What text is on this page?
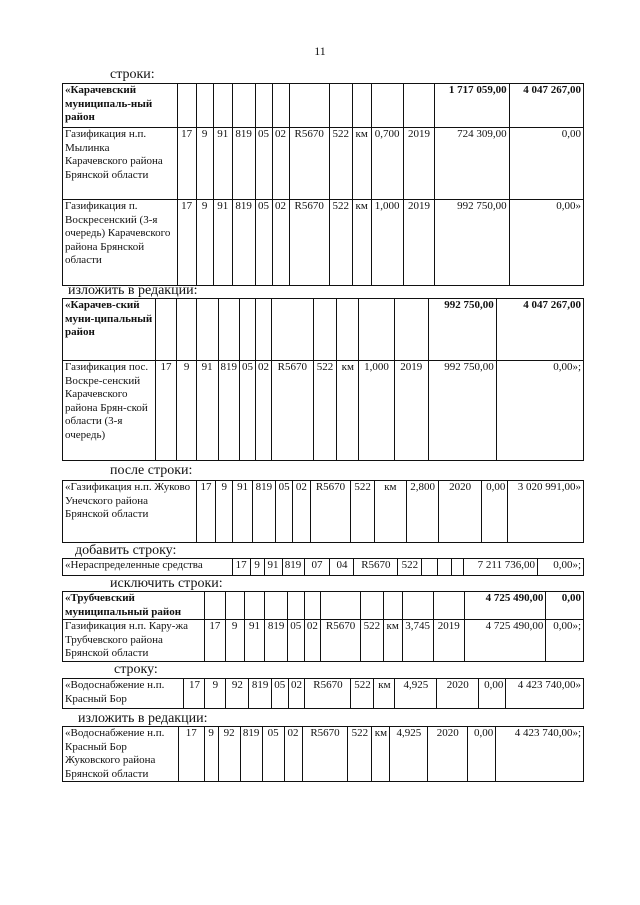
11
строки:
«Карачевский муниципаль-ный район												1 717 059,00	4 047 267,00
Газификация н.п. Мылинка Карачевского района Брянской области	17	9	91	819	05	02	R5670	522	км	0,700	2019	724 309,00	0,00
Газификация п. Воскресенский (3-я очередь) Карачевского района Брянской области	17	9	91	819	05	02	R5670	522	км	1,000	2019	992 750,00	0,00»
изложить в редакции:
«Карачев-ский муни-ципальный район												992 750,00	4 047 267,00
Газификация пос. Воскре-сенский Карачевского района Брян-ской области (3-я очередь)	17	9	91	819	05	02	R5670	522	км	1,000	2019	992 750,00	0,00»;
после строки:
«Газификация н.п. Жуково Унечского района Брянской области	17	9	91	819	05	02	R5670	522	км	2,800	2020	0,00	3 020 991,00»
добавить строку:
«Нераспределенные средства	17	9	91	819	07	04	R5670	522				7 211 736,00	0,00»;
исключить строки:
«Трубчевский муниципальный район												4 725 490,00	0,00
Газификация н.п. Кару-жа Трубчевского района Брянской области	17	9	91	819	05	02	R5670	522	км	3,745	2019	4 725 490,00	0,00»;
строку:
«Водоснабжение н.п. Красный Бор	17	9	92	819	05	02	R5670	522	км	4,925	2020	0,00	4 423 740,00»
изложить в редакции:
«Водоснабжение н.п. Красный Бор Жуковского района Брянской области	17	9	92	819	05	02	R5670	522	км	4,925	2020	0,00	4 423 740,00»;
